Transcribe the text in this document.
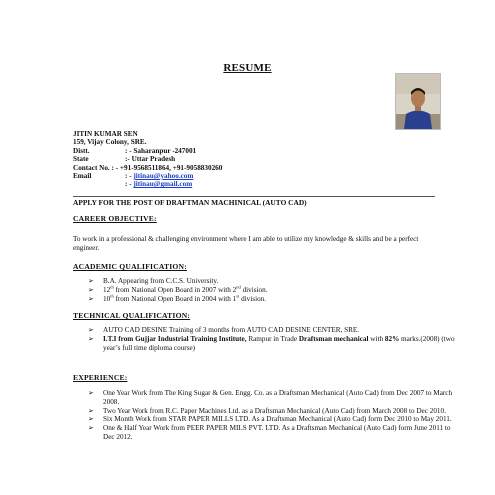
RESUME
JITIN KUMAR SEN
159, Vijay Colony, SRE.
Distt.	: - Saharanpur -247001
State	:- Uttar Pradesh
Contact No. : - +91-9568511864, +91-9058830260
Email	: - jitinau@yahoo.com
: - jitinau@gmail.com
APPLY FOR THE POST OF DRAFTMAN MACHINICAL (AUTO CAD)
CAREER OBJECTIVE:
To work in a professional & challenging environment where I am able to utilize my knowledge & skills and be a perfect engineer.
ACADEMIC QUALIFICATION:
➢ B.A. Appearing from C.C.S. University.
➢ 12th from National Open Board in 2007 with 2nd division.
➢ 10th from National Open Board in 2004 with 1st division.
TECHNICAL QUALIFICATION:
➢ AUTO CAD DESINE Training of 3 months from AUTO CAD DESINE CENTER, SRE.
➢ I.T.I from Gujjar Industrial Training Institute, Rampur in Trade Draftsman mechanical with 82% marks.(2008) (two year’s full time diploma course)
EXPERIENCE:
➢ One Year Work from The King Sugar & Gen. Engg. Co. as a Draftsman Mechanical (Auto Cad) from Dec 2007 to March 2008.
➢ Two Year Work from R.C. Paper Machines Ltd. as a Draftsman Mechanical (Auto Cad) from March 2008 to Dec 2010.
➢ Six Month Work from STAR PAPER MILLS LTD. As a Draftsman Mechanical (Auto Cad) form Dec 2010 to May 2011.
➢ One & Half Year Work from PEER PAPER MILS PVT. LTD. As a Draftsman Mechanical (Auto Cad) form June 2011 to Dec 2012.
